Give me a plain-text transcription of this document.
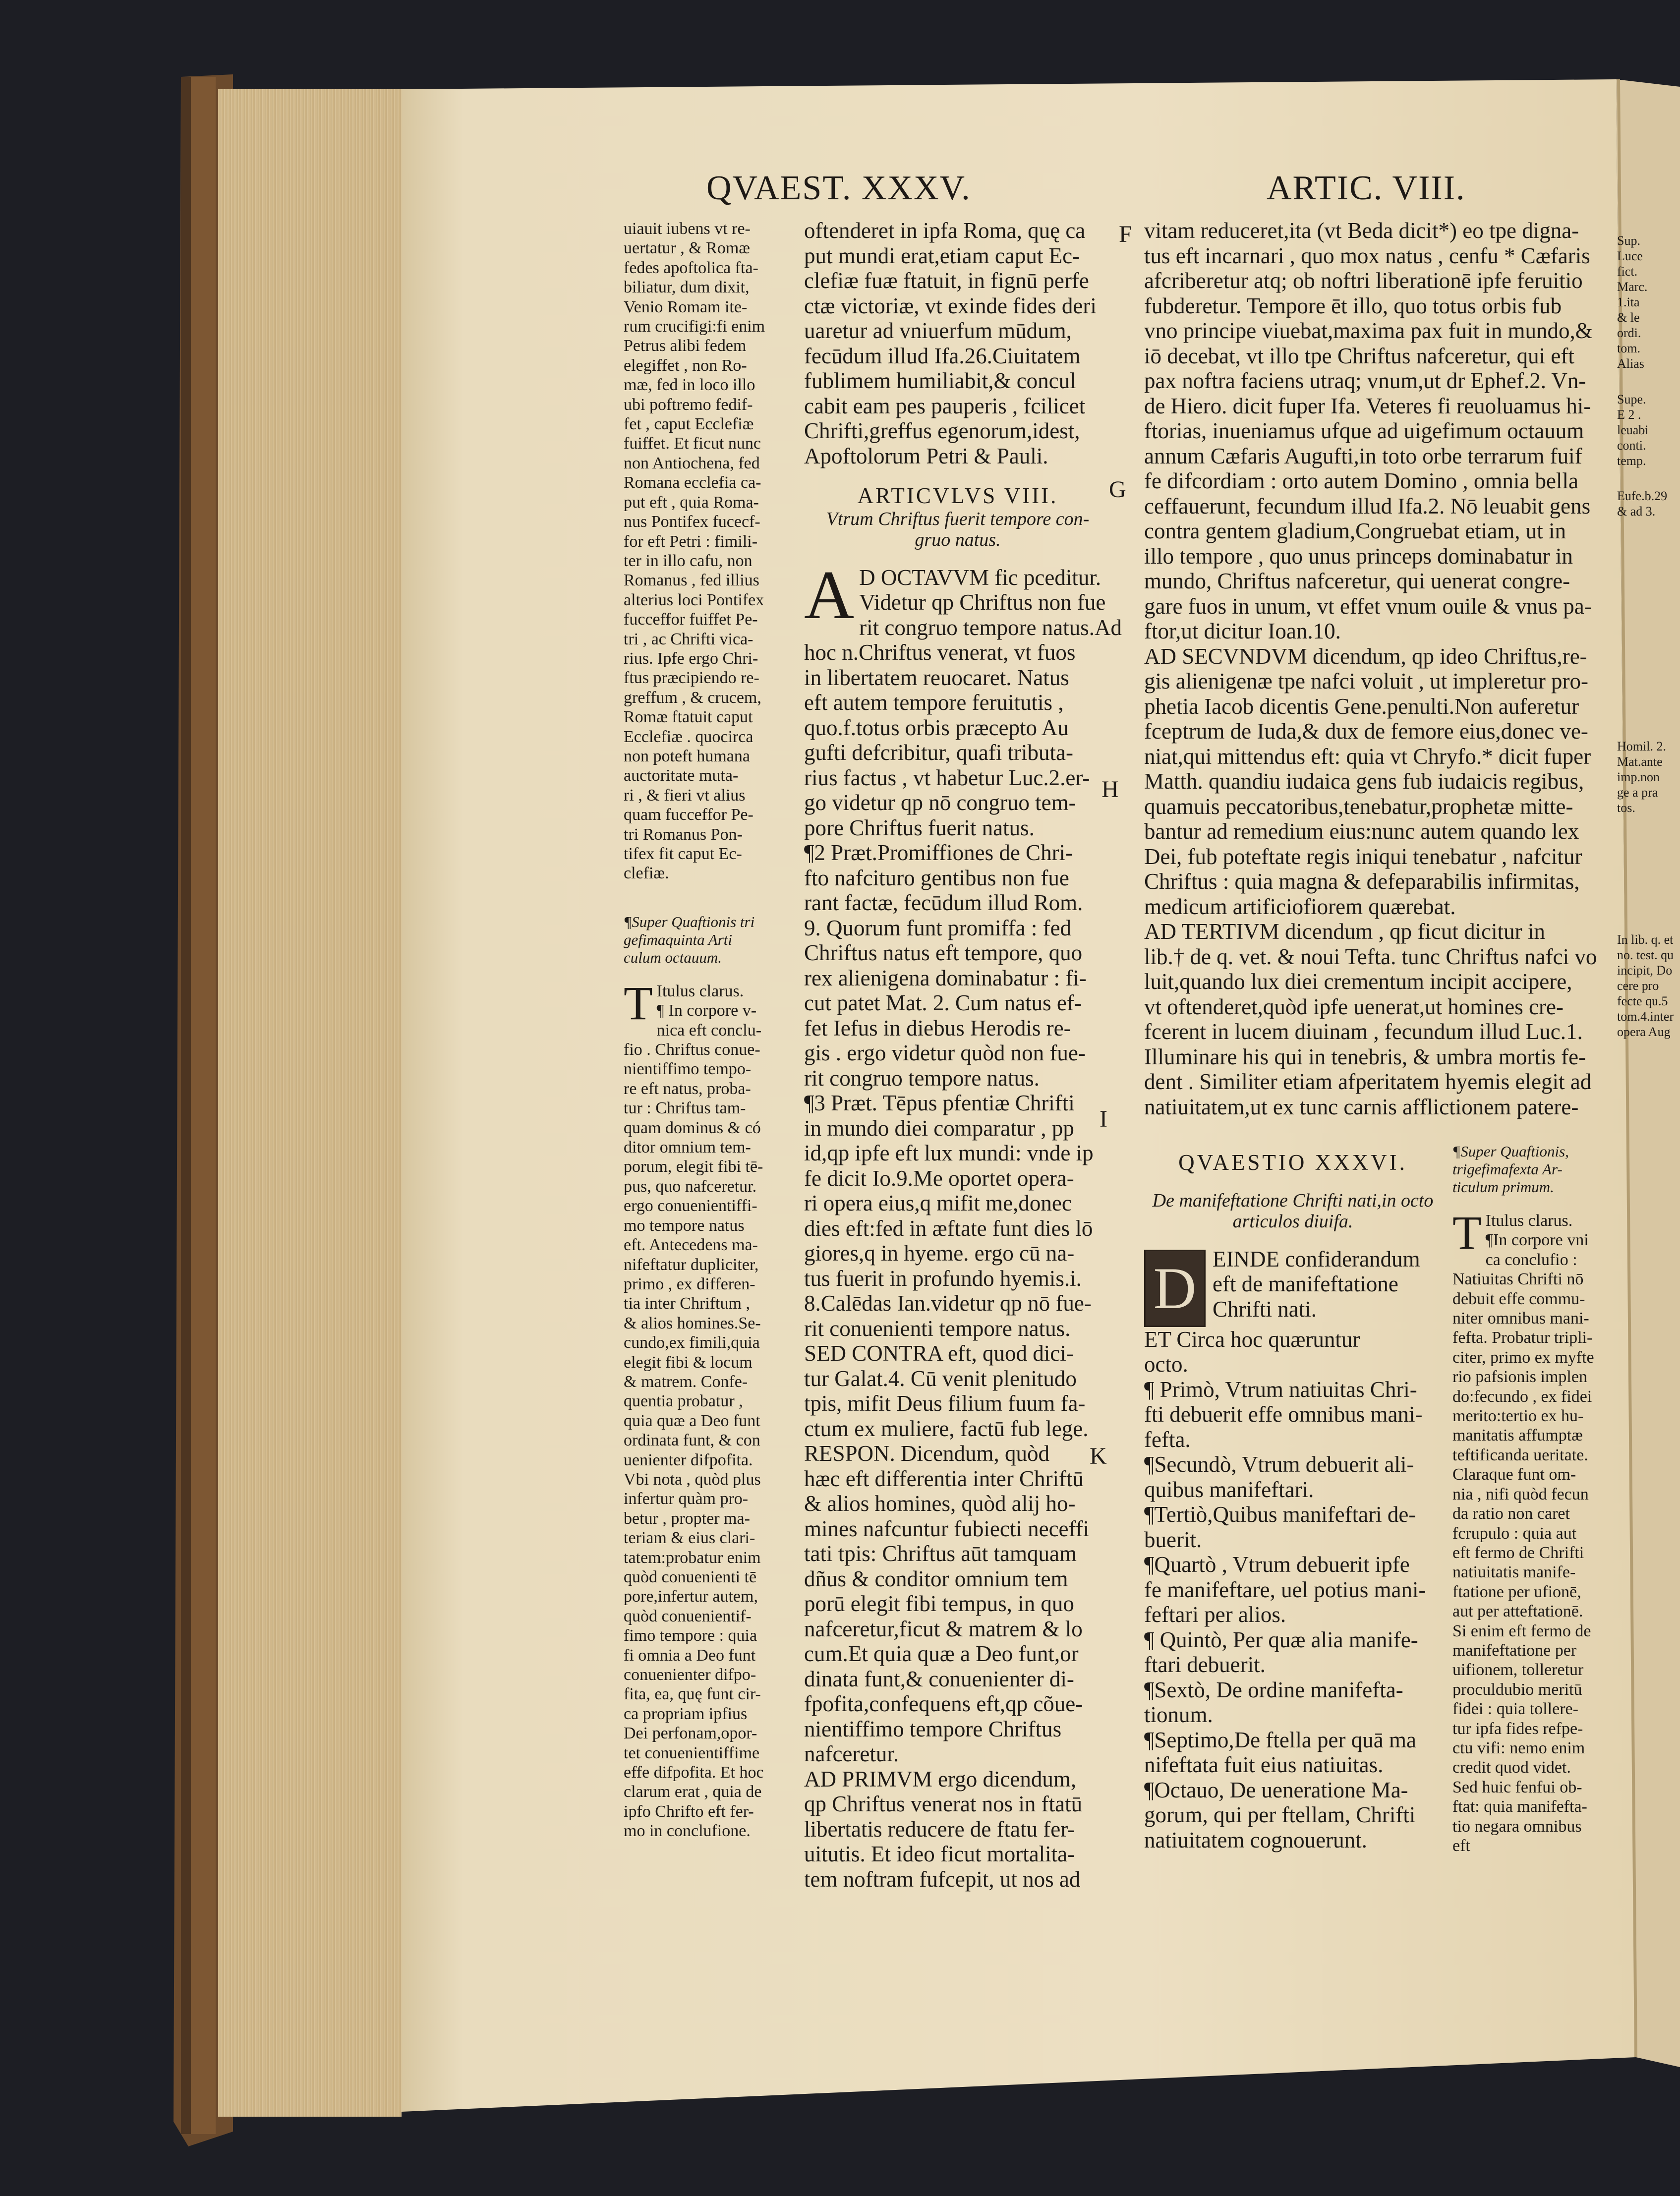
QVAEST. XXXV.	ARTIC. VIII.
F
G
H
I
K
uiauit iubens vt re-
uertatur , & Romæ
fedes apoftolica fta-
biliatur, dum dixit,
Venio Romam ite-
rum crucifigi:fi enim
Petrus alibi fedem
elegiffet , non Ro-
mæ, fed in loco illo
ubi poftremo fedif-
fet , caput Ecclefiæ
fuiffet. Et ficut nunc
non Antiochena, fed
Romana ecclefia ca-
put eft , quia Roma-
nus Pontifex fucecf-
for eft Petri : fimili-
ter in illo cafu, non
Romanus , fed illius
alterius loci Pontifex
fucceffor fuiffet Pe-
tri , ac Chrifti vica-
rius. Ipfe ergo Chri-
ftus præcipiendo re-
greffum , & crucem,
Romæ ftatuit caput
Ecclefiæ . quocirca
non poteft humana
auctoritate muta-
ri , & fieri vt alius
quam fucceffor Pe-
tri Romanus Pon-
tifex fit caput Ec-
clefiæ.
¶Super Quaftionis tri
gefimaquinta Arti
culum octauum.
T Itulus clarus.
¶ In corpore v-
nica eft conclu-
fio . Chriftus conue-
nientiffimo tempo-
re eft natus, proba-
tur : Chriftus tam-
quam dominus & có
ditor omnium tem-
porum, elegit fibi tē-
pus, quo nafceretur.
ergo conuenientiffi-
mo tempore natus
eft. Antecedens ma-
nifeftatur dupliciter,
primo , ex differen-
tia inter Chriftum ,
& alios homines.Se-
cundo,ex fimili,quia
elegit fibi & locum
& matrem. Confe-
quentia probatur ,
quia quæ a Deo funt
ordinata funt, & con
uenienter difpofita.
Vbi nota , quòd plus
infertur quàm pro-
betur , propter ma-
teriam & eius clari-
tatem:probatur enim
quòd conuenienti tē
pore,infertur autem,
quòd conuenientif-
fimo tempore : quia
fi omnia a Deo funt
conuenienter difpo-
fita, ea, quę funt cir-
ca propriam ipfius
Dei perfonam,opor-
tet conuenientiffime
effe difpofita. Et hoc
clarum erat , quia de
ipfo Chrifto eft fer-
mo in conclufione.
oftenderet in ipfa Roma, quę ca
put mundi erat,etiam caput Ec-
clefiæ fuæ ftatuit, in fignū perfe
ctæ victoriæ, vt exinde fides deri
uaretur ad vniuerfum mūdum,
fecūdum illud Ifa.26.Ciuitatem
fublimem humiliabit,& concul
cabit eam pes pauperis , fcilicet
Chrifti,greffus egenorum,idest,
Apoftolorum Petri & Pauli.
ARTICVLVS VIII.
Vtrum Chriftus fuerit tempore con-
gruo natus.
A D OCTAVVM fic pceditur.
Videtur qp Chriftus non fue
rit congruo tempore natus.Ad
hoc n.Chriftus venerat, vt fuos
in libertatem reuocaret. Natus
eft autem tempore feruitutis ,
quo.f.totus orbis præcepto Au
gufti defcribitur, quafi tributa-
rius factus , vt habetur Luc.2.er-
go videtur qp nō congruo tem-
pore Chriftus fuerit natus.
¶2 Præt.Promiffiones de Chri-
fto nafcituro gentibus non fue
rant factæ, fecūdum illud Rom.
9. Quorum funt promiffa : fed
Chriftus natus eft tempore, quo
rex alienigena dominabatur : fi-
cut patet Mat. 2. Cum natus ef-
fet Iefus in diebus Herodis re-
gis . ergo videtur quòd non fue-
rit congruo tempore natus.
¶3 Præt. Tēpus pfentiæ Chrifti
in mundo diei comparatur , pp
id,qp ipfe eft lux mundi: vnde ip
fe dicit Io.9.Me oportet opera-
ri opera eius,q mifit me,donec
dies eft:fed in æftate funt dies lō
giores,q in hyeme. ergo cū na-
tus fuerit in profundo hyemis.i.
8.Calēdas Ian.videtur qp nō fue-
rit conuenienti tempore natus.
SED CONTRA eft, quod dici-
tur Galat.4. Cū venit plenitudo
tpis, mifit Deus filium fuum fa-
ctum ex muliere, factū fub lege.
RESPON. Dicendum, quòd
hæc eft differentia inter Chriftū
& alios homines, quòd alij ho-
mines nafcuntur fubiecti neceffi
tati tpis: Chriftus aūt tamquam
dñus & conditor omnium tem
porū elegit fibi tempus, in quo
nafceretur,ficut & matrem & lo
cum.Et quia quæ a Deo funt,or
dinata funt,& conuenienter di-
fpofita,confequens eft,qp cõue-
nientiffimo tempore Chriftus
nafceretur.
AD PRIMVM ergo dicendum,
qp Chriftus venerat nos in ftatū
libertatis reducere de ftatu fer-
uitutis. Et ideo ficut mortalita-
tem noftram fufcepit, ut nos ad
vitam reduceret,ita (vt Beda dicit*) eo tpe digna-
tus eft incarnari , quo mox natus , cenfu * Cæfaris
afcriberetur atq; ob noftri liberationē ipfe feruitio
fubderetur. Tempore ēt illo, quo totus orbis fub
vno principe viuebat,maxima pax fuit in mundo,&
iō decebat, vt illo tpe Chriftus nafceretur, qui eft
pax noftra faciens utraq; vnum,ut dr Ephef.2. Vn-
de Hiero. dicit fuper Ifa. Veteres fi reuoluamus hi-
ftorias, inueniamus ufque ad uigefimum octauum
annum Cæfaris Augufti,in toto orbe terrarum fuif
fe difcordiam : orto autem Domino , omnia bella
ceffauerunt, fecundum illud Ifa.2. Nō leuabit gens
contra gentem gladium,Congruebat etiam, ut in
illo tempore , quo unus princeps dominabatur in
mundo, Chriftus nafceretur, qui uenerat congre-
gare fuos in unum, vt effet vnum ouile & vnus pa-
ftor,ut dicitur Ioan.10.
AD SECVNDVM dicendum, qp ideo Chriftus,re-
gis alienigenæ tpe nafci voluit , ut impleretur pro-
phetia Iacob dicentis Gene.penulti.Non auferetur
fceptrum de Iuda,& dux de femore eius,donec ve-
niat,qui mittendus eft: quia vt Chryfo.* dicit fuper
Matth. quandiu iudaica gens fub iudaicis regibus,
quamuis peccatoribus,tenebatur,prophetæ mitte-
bantur ad remedium eius:nunc autem quando lex
Dei, fub poteftate regis iniqui tenebatur , nafcitur
Chriftus : quia magna & defeparabilis infirmitas,
medicum artificiofiorem quærebat.
AD TERTIVM dicendum , qp ficut dicitur in
lib.† de q. vet. & noui Tefta. tunc Chriftus nafci vo
luit,quando lux diei crementum incipit accipere,
vt oftenderet,quòd ipfe uenerat,ut homines cre-
fcerent in lucem diuinam , fecundum illud Luc.1.
Illuminare his qui in tenebris, & umbra mortis fe-
dent . Similiter etiam afperitatem hyemis elegit ad
natiuitatem,ut ex tunc carnis afflictionem patere-
QVAESTIO XXXVI.
De manifeftatione Chrifti nati,in octo
articulos diuifa.
D EINDE confiderandum
eft de manifeftatione
Chrifti nati.
ET Circa hoc quæruntur
octo.
¶ Primò, Vtrum natiuitas Chri-
fti debuerit effe omnibus mani-
fefta.
¶Secundò, Vtrum debuerit ali-
quibus manifeftari.
¶Tertiò,Quibus manifeftari de-
buerit.
¶Quartò , Vtrum debuerit ipfe
fe manifeftare, uel potius mani-
feftari per alios.
¶ Quintò, Per quæ alia manife-
ftari debuerit.
¶Sextò, De ordine manifefta-
tionum.
¶Septimo,De ftella per quā ma
nifeftata fuit eius natiuitas.
¶Octauo, De ueneratione Ma-
gorum, qui per ftellam, Chrifti
natiuitatem cognouerunt.
¶Super Quaftionis,
trigefimafexta Ar-
ticulum primum.
T Itulus clarus.
¶In corpore vni
ca conclufio :
Natiuitas Chrifti nō
debuit effe commu-
niter omnibus mani-
fefta. Probatur tripli-
citer, primo ex myfte
rio pafsionis implen
do:fecundo , ex fidei
merito:tertio ex hu-
manitatis affumptæ
teftificanda ueritate.
Claraque funt om-
nia , nifi quòd fecun
da ratio non caret
fcrupulo : quia aut
eft fermo de Chrifti
natiuitatis manife-
ftatione per ufionē,
aut per atteftationē.
Si enim eft fermo de
manifeftatione per
uifionem, tolleretur
proculdubio meritū
fidei : quia tollere-
tur ipfa fides refpe-
ctu vifi: nemo enim
credit quod videt.
Sed huic fenfui ob-
ftat: quia manifefta-
tio negara omnibus
eft
Sup.
Luce
fict.
Marc.
1.ita
& le
ordi.
tom.
Alias
Supe.
E 2 .
leuabi
conti.
temp.
Eufe.b.29
& ad 3.
Homil. 2.
Mat.ante
imp.non
ge a pra
tos.
In lib. q. et
no. test. qu
incipit, Do
cere pro
fecte qu.5
tom.4.inter
opera Aug
